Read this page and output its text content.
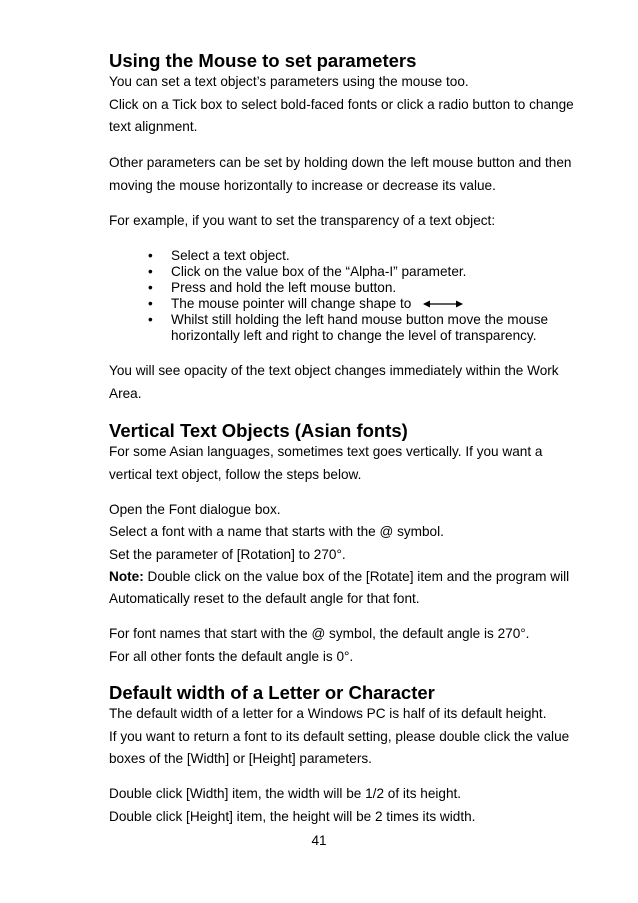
Using the Mouse to set parameters

You can set a text object’s parameters using the mouse too.

Click on a Tick box to select bold-faced fonts or click a radio button to change

text alignment.

Other parameters can be set by holding down the left mouse button and then

moving the mouse horizontally to increase or decrease its value.

For example, if you want to set the transparency of a text object:

• Select a text object.
• Click on the value box of the “Alpha-I” parameter.
• Press and hold the left mouse button.
• The mouse pointer will change shape to
• Whilst still holding the left hand mouse button move the mouse
horizontally left and right to change the level of transparency.

You will see opacity of the text object changes immediately within the Work

Area.

Vertical Text Objects (Asian fonts)

For some Asian languages, sometimes text goes vertically. If you want a

vertical text object, follow the steps below.

Open the Font dialogue box.

Select a font with a name that starts with the @ symbol.

Set the parameter of [Rotation] to 270°.

Note: Double click on the value box of the [Rotate] item and the program will

Automatically reset to the default angle for that font.

For font names that start with the @ symbol, the default angle is 270°.

For all other fonts the default angle is 0°.

Default width of a Letter or Character

The default width of a letter for a Windows PC is half of its default height.

If you want to return a font to its default setting, please double click the value

boxes of the [Width] or [Height] parameters.

Double click [Width] item, the width will be 1/2 of its height.

Double click [Height] item, the height will be 2 times its width.

41
